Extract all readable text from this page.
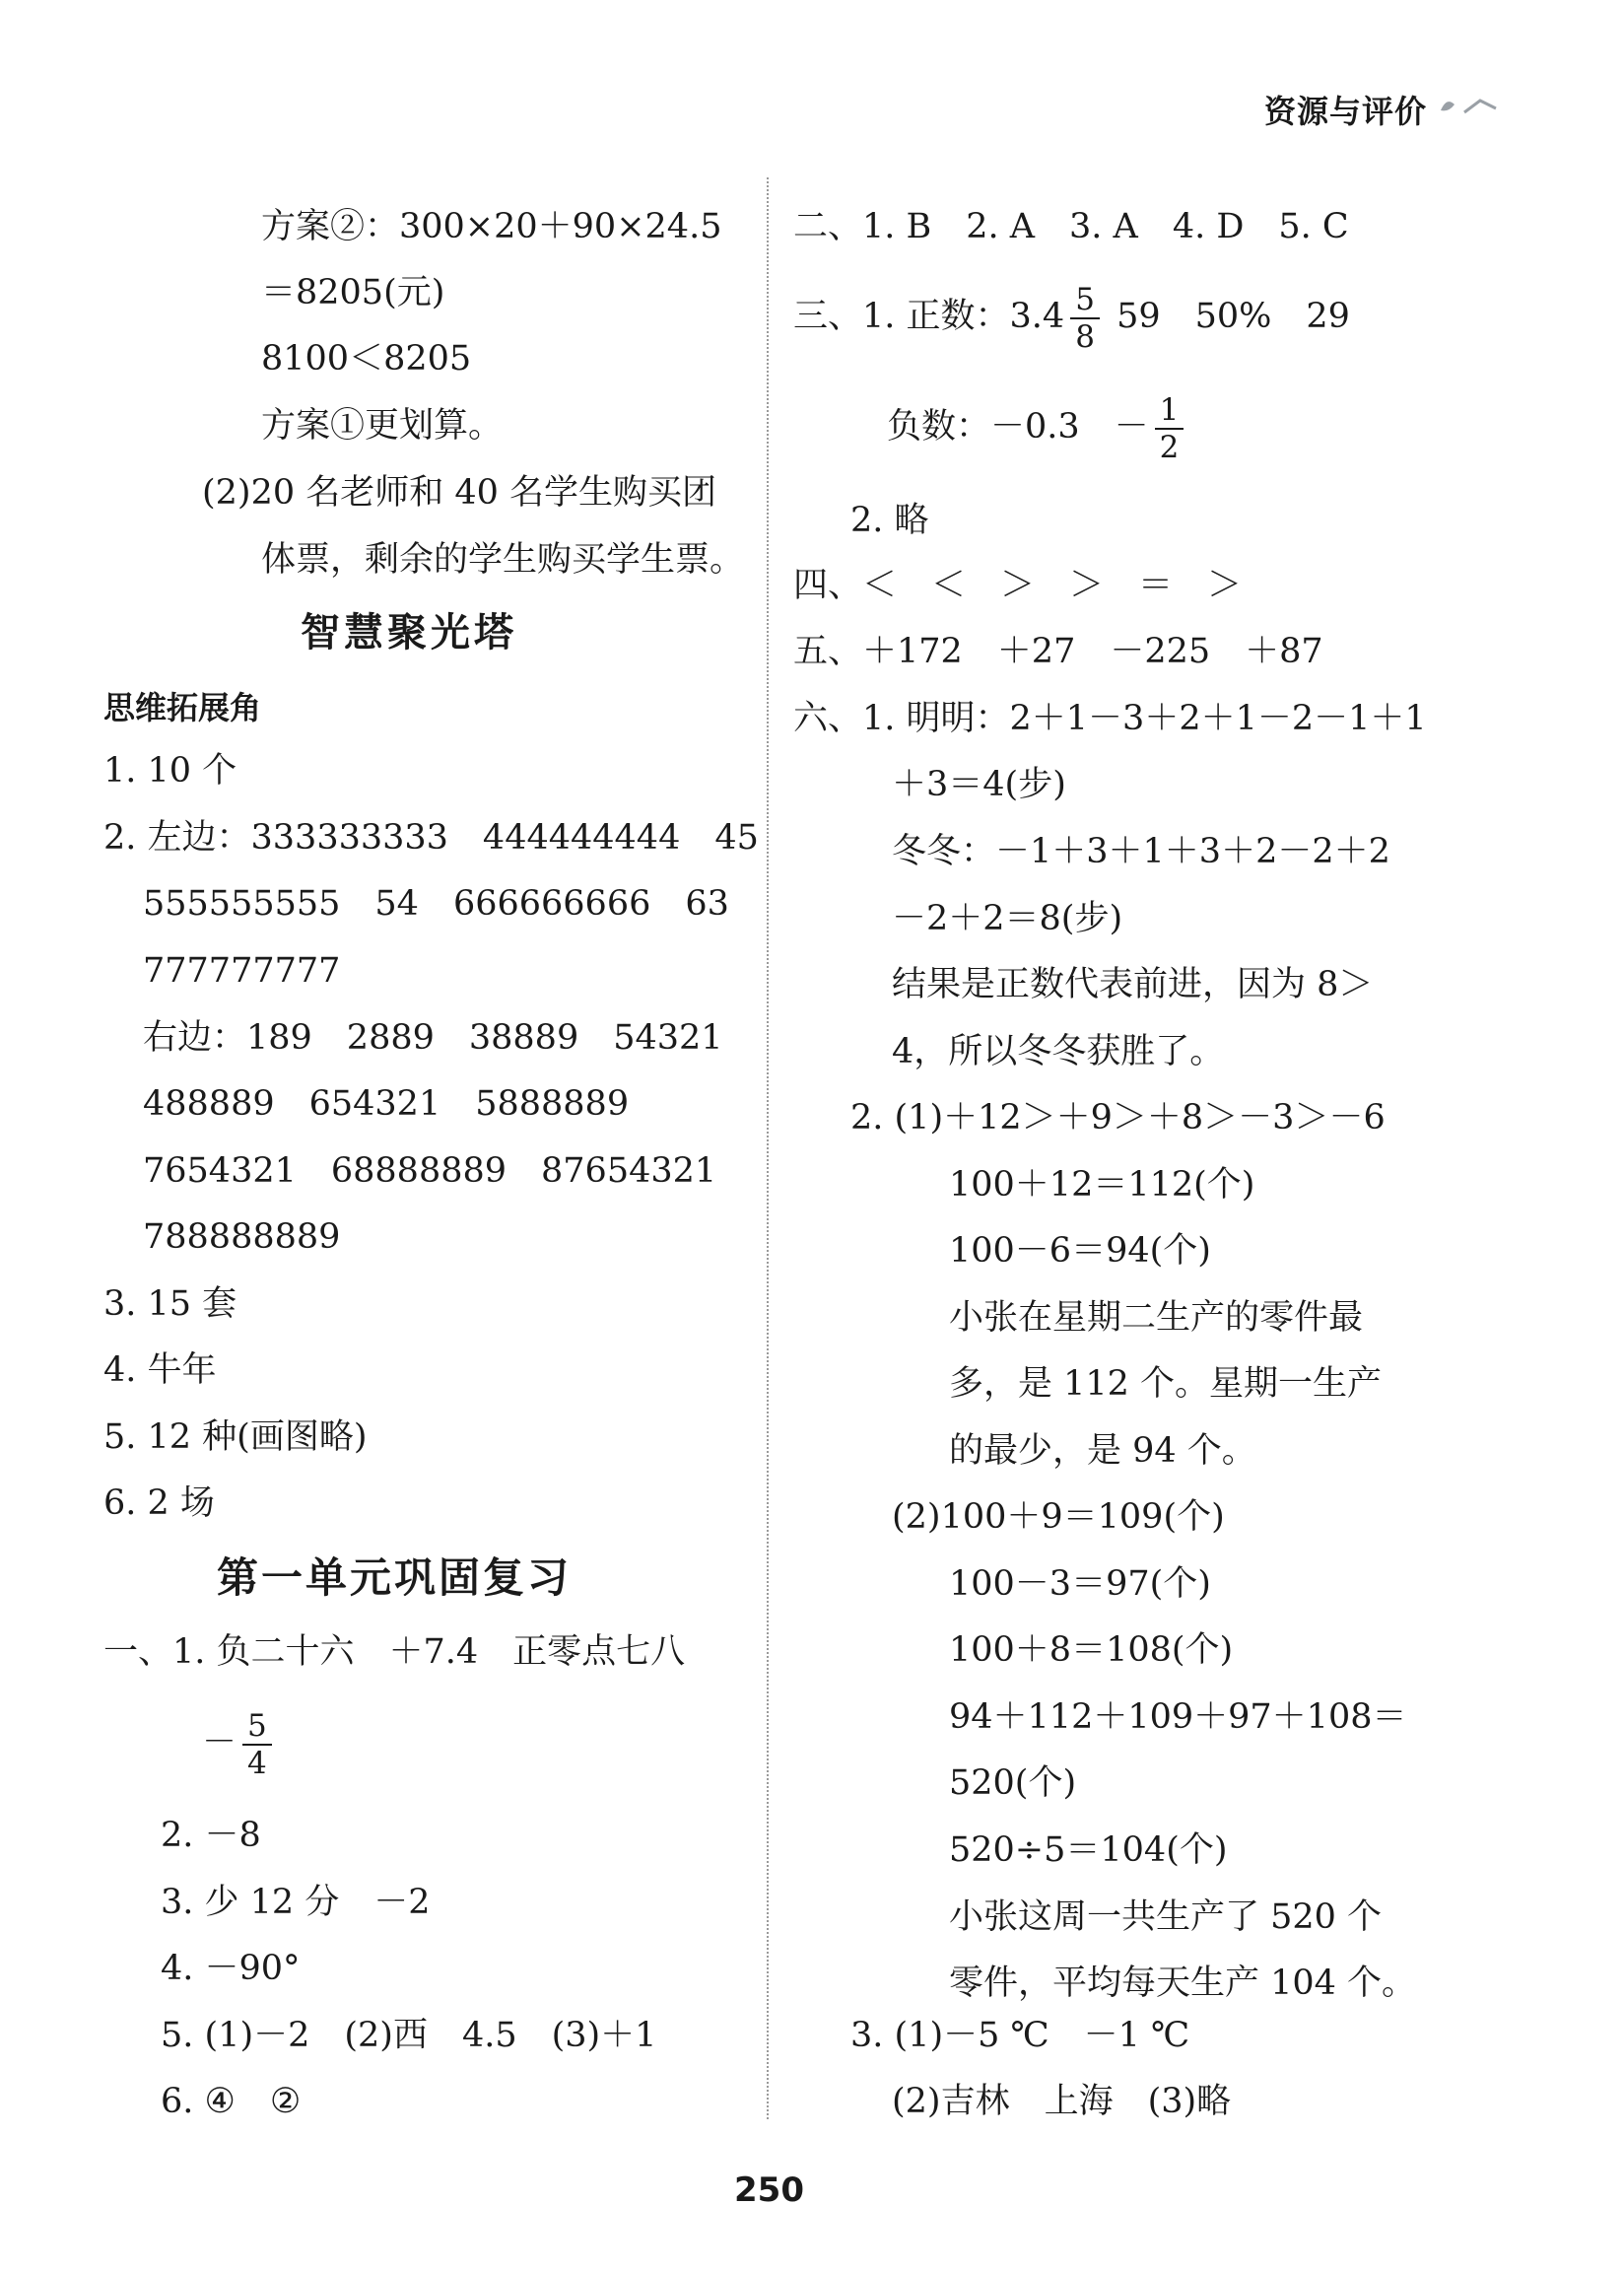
资源与评价
方案②：300×20＋90×24.5
＝8205(元)
8100＜8205
方案①更划算。
(2)20 名老师和 40 名学生购买团
体票，剩余的学生购买学生票。
智慧聚光塔
思维拓展角
1. 10 个
2. 左边：333333333　444444444　45
555555555　54　666666666　63
777777777
右边：189　2889　38889　54321
488889　654321　5888889
7654321　68888889　87654321
788888889
3. 15 套
4. 牛年
5. 12 种(画图略)
6. 2 场
第一单元巩固复习
一、1. 负二十六　＋7.4　正零点七八
－ $\frac{5}{4}$
2. －8
3. 少 12 分　－2
4. －90°
5. (1)－2　(2)西　4.5　(3)＋1
6. ④　②
二、1. B　2. A　3. A　4. D　5. C
三、1. 正数：$3.4 \frac{5}{8} 59$　50%　29
负数：－0.3　－ $\frac{1}{2}$
2. 略
四、＜　＜　＞　＞　＝　＞
五、＋172　＋27　－225　＋87
六、1. 明明：2＋1－3＋2＋1－2－1＋1
＋3＝4(步)
冬冬：－1＋3＋1＋3＋2－2＋2
－2＋2＝8(步)
结果是正数代表前进，因为 8＞
4，所以冬冬获胜了。
2. (1)＋12＞＋9＞＋8＞－3＞－6
100＋12＝112(个)
100－6＝94(个)
小张在星期二生产的零件最
多，是 112 个。星期一生产
的最少，是 94 个。
(2)100＋9＝109(个)
100－3＝97(个)
100＋8＝108(个)
94＋112＋109＋97＋108＝
520(个)
520÷5＝104(个)
小张这周一共生产了 520 个
零件，平均每天生产 104 个。
3. (1)－5 ℃　－1 ℃
(2)吉林　上海　(3)略
250
